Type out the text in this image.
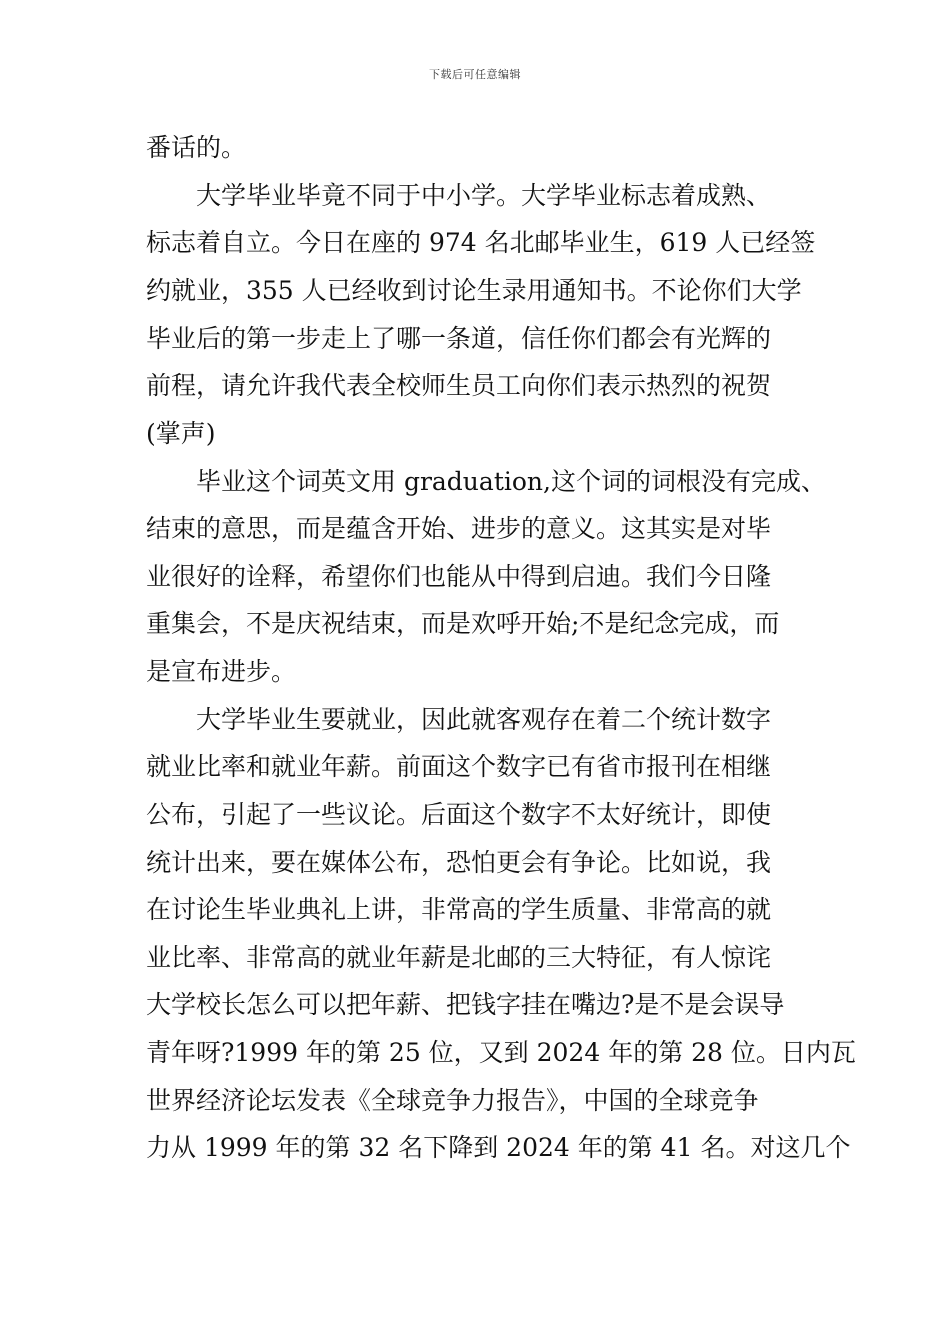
下载后可任意编辑
番话的。
　　大学毕业毕竟不同于中小学。大学毕业标志着成熟、
标志着自立。今日在座的 974 名北邮毕业生，619 人已经签
约就业，355 人已经收到讨论生录用通知书。不论你们大学
毕业后的第一步走上了哪一条道，信任你们都会有光辉的
前程，请允许我代表全校师生员工向你们表示热烈的祝贺
(掌声)
　　毕业这个词英文用 graduation,这个词的词根没有完成、
结束的意思，而是蕴含开始、进步的意义。这其实是对毕
业很好的诠释，希望你们也能从中得到启迪。我们今日隆
重集会，不是庆祝结束，而是欢呼开始;不是纪念完成，而
是宣布进步。
　　大学毕业生要就业，因此就客观存在着二个统计数字
就业比率和就业年薪。前面这个数字已有省市报刊在相继
公布，引起了一些议论。后面这个数字不太好统计，即使
统计出来，要在媒体公布，恐怕更会有争论。比如说，我
在讨论生毕业典礼上讲，非常高的学生质量、非常高的就
业比率、非常高的就业年薪是北邮的三大特征，有人惊诧
大学校长怎么可以把年薪、把钱字挂在嘴边?是不是会误导
青年呀?1999 年的第 25 位，又到 2024 年的第 28 位。日内瓦
世界经济论坛发表《全球竞争力报告》，中国的全球竞争
力从 1999 年的第 32 名下降到 2024 年的第 41 名。对这几个
